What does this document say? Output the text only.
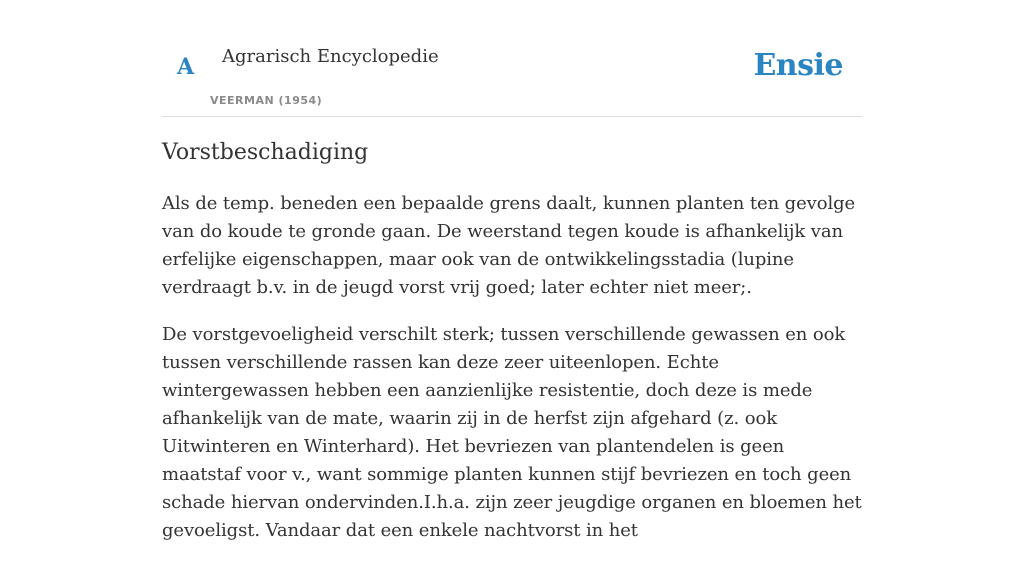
A Agrarisch Encyclopedie
VEERMAN (1954)
Ensie
Vorstbeschadiging

Als de temp. beneden een bepaalde grens daalt, kunnen planten ten gevolge van do koude te gronde gaan. De weerstand tegen koude is afhankelijk van erfelijke eigenschappen, maar ook van de ontwikkelingsstadia (lupine verdraagt b.v. in de jeugd vorst vrij goed; later echter niet meer;.

De vorstgevoeligheid verschilt sterk; tussen verschillende gewassen en ook tussen verschillende rassen kan deze zeer uiteenlopen. Echte wintergewassen hebben een aanzienlijke resistentie, doch deze is mede afhankelijk van de mate, waarin zij in de herfst zijn afgehard (z. ook Uitwinteren en Winterhard). Het bevriezen van plantendelen is geen maatstaf voor v., want sommige planten kunnen stijf bevriezen en toch geen schade hiervan ondervinden.I.h.a. zijn zeer jeugdige organen en bloemen het gevoeligst. Vandaar dat een enkele nachtvorst in het
